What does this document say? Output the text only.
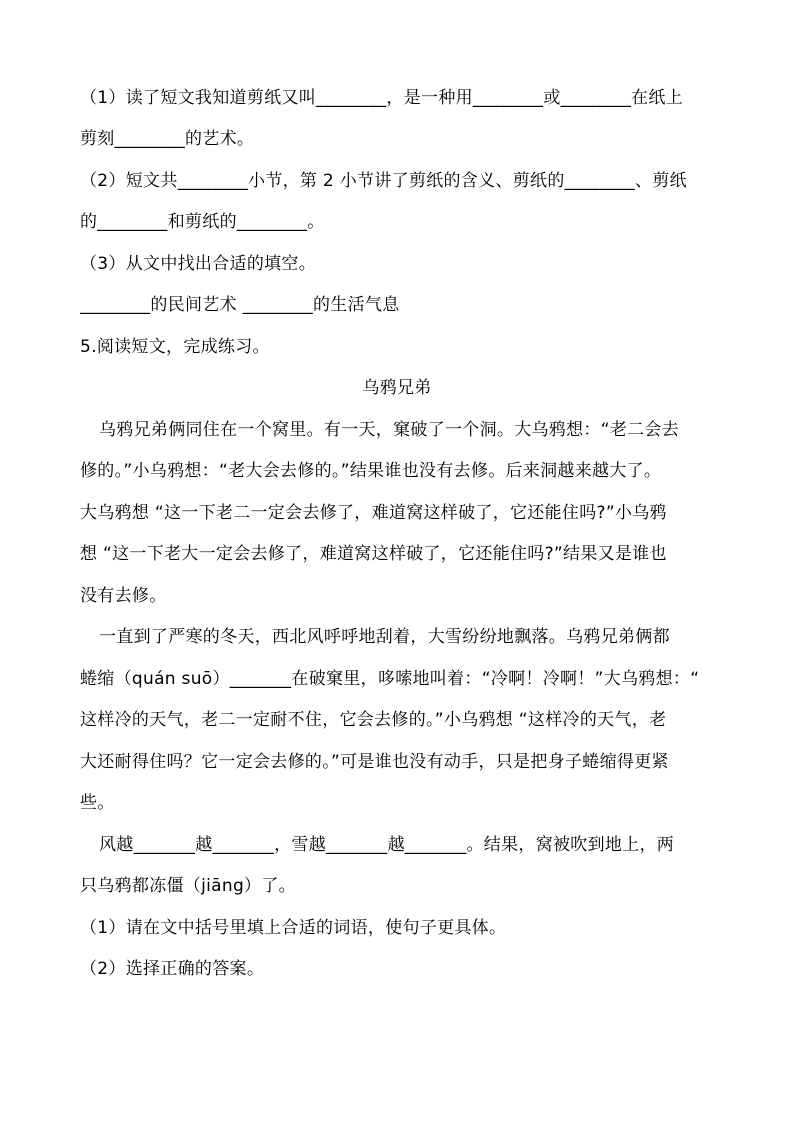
（1）读了短文我知道剪纸又叫________，是一种用________或________在纸上
剪刻________的艺术。
（2）短文共________小节，第 2 小节讲了剪纸的含义、剪纸的________、剪纸
的________和剪纸的________。
（3）从文中找出合适的填空。
________的民间艺术 ________的生活气息
5.阅读短文，完成练习。
乌鸦兄弟
乌鸦兄弟俩同住在一个窝里。有一天，窠破了一个洞。大乌鸦想：“老二会去
修的。”小乌鸦想：“老大会去修的。”结果谁也没有去修。后来洞越来越大了。
大乌鸦想 “这一下老二一定会去修了，难道窝这样破了，它还能住吗?”小乌鸦
想 “这一下老大一定会去修了，难道窝这样破了，它还能住吗?”结果又是谁也
没有去修。
一直到了严寒的冬天，西北风呼呼地刮着，大雪纷纷地飘落。乌鸦兄弟俩都
蜷缩（quán suō）_______在破窠里，哆嗦地叫着：“冷啊！冷啊！”大乌鸦想：“
这样冷的天气，老二一定耐不住，它会去修的。”小乌鸦想 “这样冷的天气，老
大还耐得住吗？它一定会去修的。”可是谁也没有动手，只是把身子蜷缩得更紧
些。
风越_______越_______，雪越_______越_______。结果，窝被吹到地上，两
只乌鸦都冻僵（jiāng）了。
（1）请在文中括号里填上合适的词语，使句子更具体。
（2）选择正确的答案。
